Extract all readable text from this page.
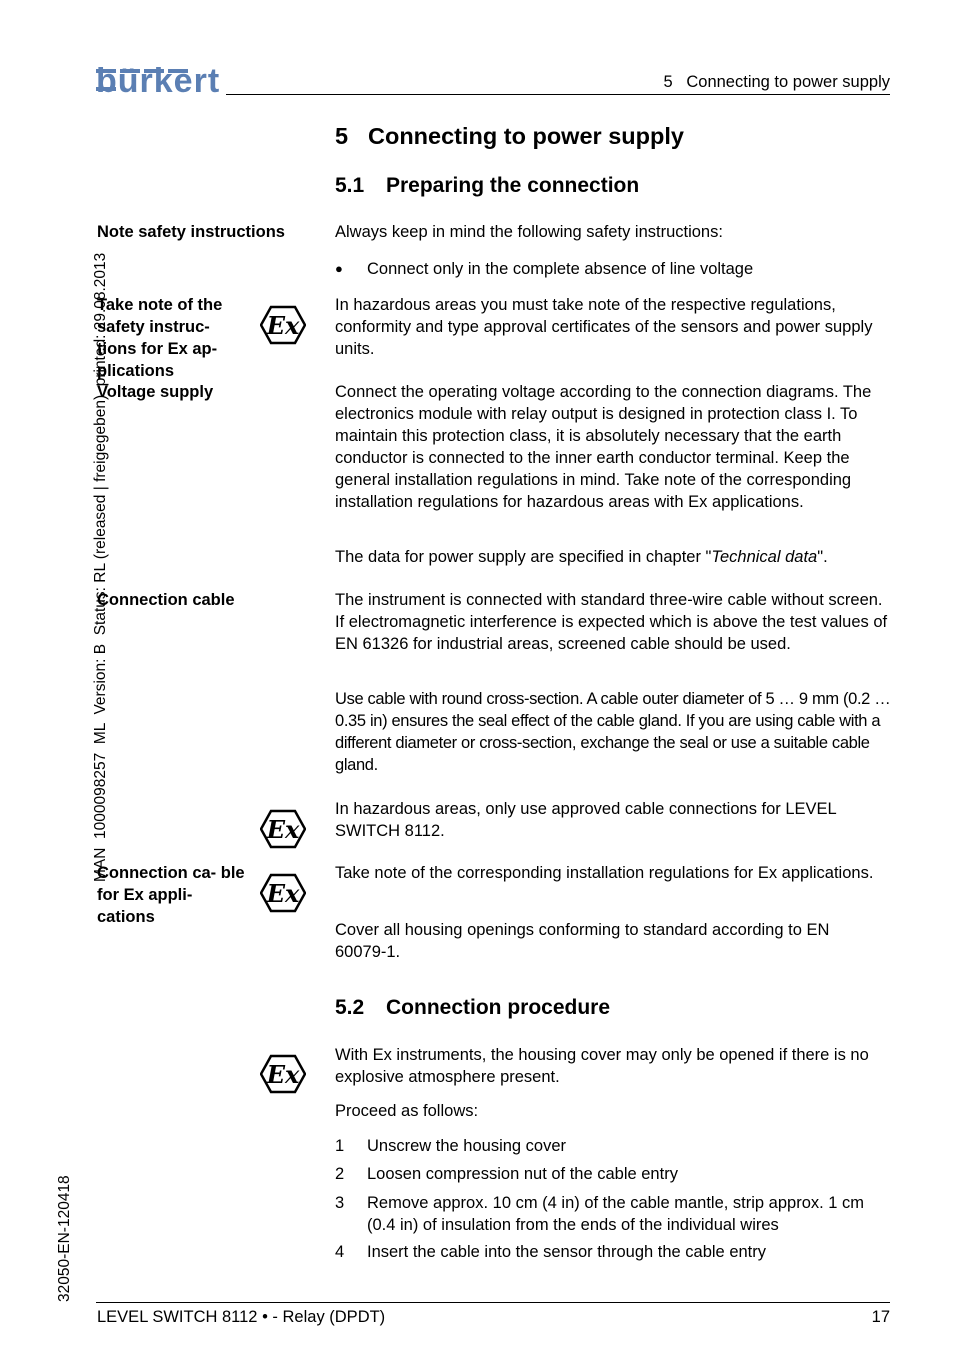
bürkert	5   Connecting to power supply
MAN  1000098257  ML  Version: B  Status: RL (released | freigegeben)  printed: 29.08.2013
32050-EN-120418
5 Connecting to power supply
5.1 Preparing the connection
Note safety instructions
Take note of the safety instruc- tions for Ex ap- plications
Voltage supply
Connection cable
Connection ca- ble for Ex appli- cations
Ex
Ex
Ex
Ex
Always keep in mind the following safety instructions:
● Connect only in the complete absence of line voltage
In hazardous areas you must take note of the respective regulations, conformity and type approval certificates of the sensors and power supply units.
Connect the operating voltage according to the connection diagrams. The electronics module with relay output is designed in protection class I. To maintain this protection class, it is absolutely necessary that the earth conductor is connected to the inner earth conductor terminal. Keep the general installation regulations in mind. Take note of the corresponding installation regulations for hazardous areas with Ex applications.
The data for power supply are specified in chapter "Technical data".
The instrument is connected with standard three-wire cable without screen. If electromagnetic interference is expected which is above the test values of EN 61326 for industrial areas, screened cable should be used.
Use cable with round cross-section. A cable outer diameter of 5 … 9 mm (0.2 … 0.35 in) ensures the seal effect of the cable gland. If you are using cable with a different diameter or cross-section, exchange the seal or use a suitable cable gland.
In hazardous areas, only use approved cable connections for LEVEL SWITCH 8112.
Take note of the corresponding installation regulations for Ex applications.
Cover all housing openings conforming to standard according to EN 60079-1.
5.2 Connection procedure
With Ex instruments, the housing cover may only be opened if there is no explosive atmosphere present.
Proceed as follows:
1 Unscrew the housing cover
2 Loosen compression nut of the cable entry
3 Remove approx. 10 cm (4 in) of the cable mantle, strip approx. 1 cm (0.4 in) of insulation from the ends of the individual wires
4 Insert the cable into the sensor through the cable entry
LEVEL SWITCH 8112 • - Relay (DPDT)	17
